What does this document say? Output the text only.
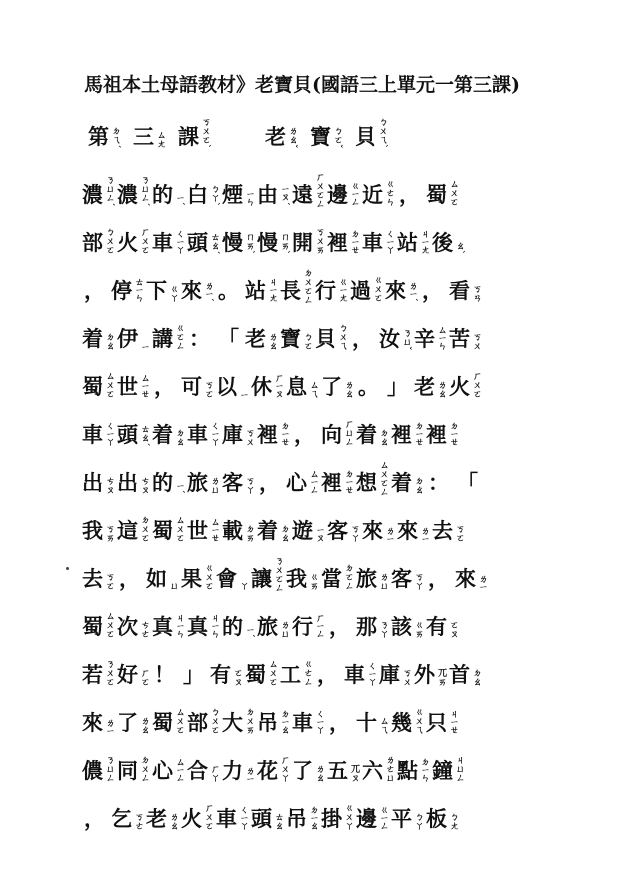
馬祖本土母語教材》老寶貝(國語三上單元一第三課)
第 ㄉㄟˊ 三 ㄙㄤ 課 ㄎㄨㄛˋ	老 ㄌㄠˇ 寶 ㄅㄛˇ 貝 ㄅㄨㄟˋ
濃 ㄋㄩㄥˊ 濃 ㄋㄩㄥˊ 的 ㄧˊ 白 ㄅㄚˋ 煙 ㄧㄣ 由 ㄧㄡˊ 遠 ㄏㄨㄛㄥ 邊 ㄍㄧㄥ 近 ㄍㄜㄣ ， 蜀 ㄙㄨㄛ
部 ㄅㄨㄛ 火 ㄏㄨㄛ 車 ㄑㄧㄚ 頭 ㄊㄠˊ 慢 ㄇㄞˋ 慢 ㄇㄞˋ 開 ㄎㄨㄞ 裡 ㄉㄧㄝ 車 ㄑㄧㄚ 站 ㄐㄧㄤ 後 ㄠˋ
， 停 ㄊㄧㄣ 下 ㄍㄚ 來 ㄌㄧˊ 。 站 ㄐㄧㄤ 長 ㄉㄨㄛㄥ 行 ㄍㄧㄤ 過 ㄍㄨㄛ 來 ㄌㄧˊ ， 看 ㄎㄢ
着 ㄉㄠ 伊 ㄧ 講 ㄍㄛㄥ ： 「 老 ㄌㄠ 寶 ㄅㄛ 貝 ㄅㄨㄟ ， 汝 ㄋㄩˇ 辛 ㄙㄧㄣ 苦 ㄎㄨ
蜀 ㄙㄨㄛ 世 ㄙㄧㄝ ， 可 ㄎㄛ 以 ㄧ 休 ㄏㄧㄡ 息 ㄙㄟ 了 ㄌㄠ 。 」 老 ㄌㄠ 火 ㄏㄨㄛ
車 ㄑㄧㄚ 頭 ㄊㄠˊ 着 ㄉㄠ 車 ㄑㄧㄚ 庫 ㄎㄨ 裡 ㄉㄧㄝ ， 向 ㄏㄩㄥ 着 ㄉㄠ 裡 ㄉㄧㄝ 裡 ㄉㄧㄝ
出 ㄘㄡ 出 ㄘㄡ 的 ㄧˊ 旅 ㄌㄩ 客 ㄎㄚ ， 心 ㄙㄧㄥ 裡 ㄉㄧㄝ 想 ㄙㄨㄛㄥ 着 ㄉㄠ ： 「
我 ㄎㄞ 這 ㄉㄨㄛ 蜀 ㄙㄨㄛ 世 ㄙㄧㄝ 載 ㄉㄞ 着 ㄉㄠ 遊 ㄧㄡ 客 ㄎㄚ 來 ㄌㄧ 來 ㄌㄧ 去 ㄎㄛ
去 ㄎㄛ ， 如 ㄩ 果 ㄍㄨㄛ 會 ㄚ 讓 ㄋㄨㄛㄥ 我 ㄍㄞ 當 ㄉㄛㄥ 旅 ㄌㄩ 客 ㄎㄚ ， 來 ㄌㄧ
蜀 ㄙㄨㄛ 次 ㄘㄜ 真 ㄐㄧㄣ 真 ㄐㄧㄣ 的 ㄧˊ 旅 ㄌㄩ 行 ㄏㄧㄥ ， 那 ㄋㄚ 該 ㄍㄞ 有 ㄛㄡ
若 ㄋㄨㄛ 好 ㄏㄛ ！ 」 有 ㄛㄡ 蜀 ㄙㄨㄛ 工 ㄍㄜㄥ ， 車 ㄑㄧㄚ 庫 ㄎㄨ 外 ㄫㄞ 首 ㄉㄠ
來 ㄌㄧ 了 ㄌㄠ 蜀 ㄙㄨㄛ 部 ㄅㄨㄛ 大 ㄉㄨㄞ 吊 ㄉㄧㄠ 車 ㄑㄧㄚ ， 十 ㄙㄟ 幾 ㄍㄨㄟ 只 ㄐㄧㄝ
儂 ㄋㄩㄥ 同 ㄉㄨㄥ 心 ㄙㄧㄥ 合 ㄏㄚ 力 ㄌㄧ 花 ㄏㄨㄚ 了 ㄌㄠ 五 ㄫㄡ 六 ㄌㄜㄩ 點 ㄉㄧㄣ 鐘 ㄐㄩㄥ
， 乞 ㄎㄜ 老 ㄌㄠ 火 ㄏㄨㄛ 車 ㄑㄧㄚ 頭 ㄊㄠ 吊 ㄉㄧㄠ 掛 ㄍㄨㄚ 邊 ㄍㄧㄥ 平 ㄅㄚ 板 ㄅㄤ
